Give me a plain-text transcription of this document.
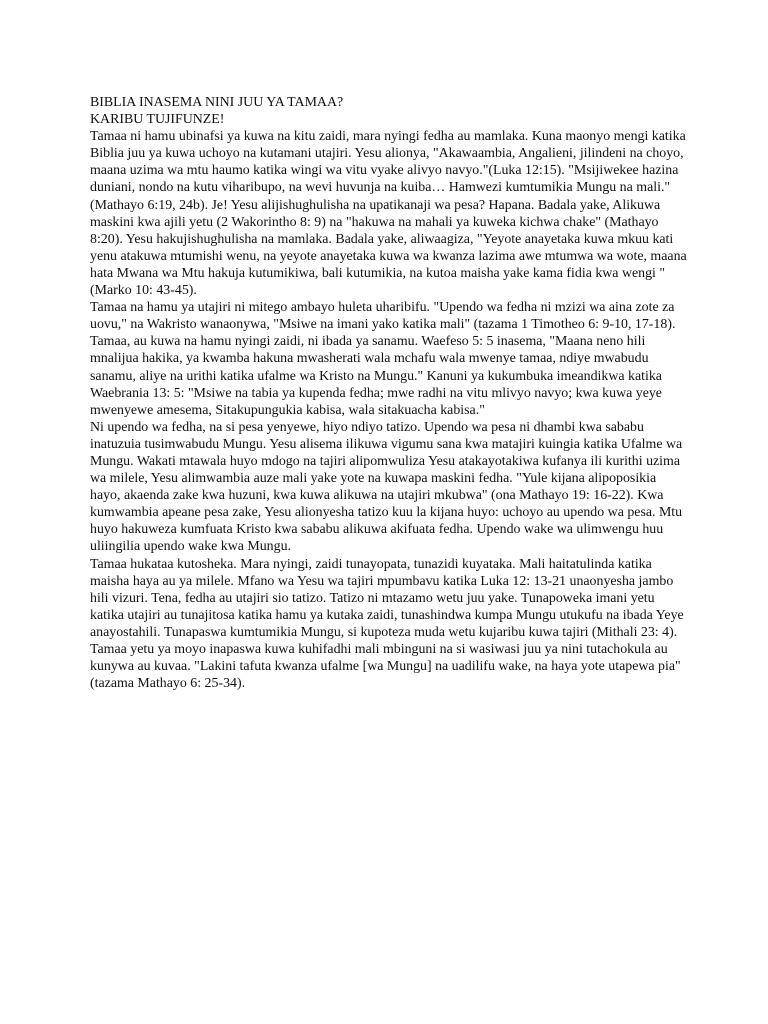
BIBLIA INASEMA NINI JUU YA TAMAA?

KARIBU TUJIFUNZE!

Tamaa ni hamu ubinafsi ya kuwa na kitu zaidi, mara nyingi fedha au mamlaka. Kuna maonyo mengi katika Biblia juu ya kuwa uchoyo na kutamani utajiri. Yesu alionya, "Akawaambia, Angalieni, jilindeni na choyo, maana uzima wa mtu haumo katika wingi wa vitu vyake alivyo navyo."(Luka 12:15). "Msijiwekee hazina duniani, nondo na kutu viharibupo, na wevi huvunja na kuiba… Hamwezi kumtumikia Mungu na mali." (Mathayo 6:19, 24b). Je! Yesu alijishughulisha na upatikanaji wa pesa? Hapana. Badala yake, Alikuwa maskini kwa ajili yetu (2 Wakorintho 8: 9) na "hakuwa na mahali ya kuweka kichwa chake" (Mathayo 8:20). Yesu hakujishughulisha na mamlaka. Badala yake, aliwaagiza, "Yeyote anayetaka kuwa mkuu kati yenu atakuwa mtumishi wenu, na yeyote anayetaka kuwa wa kwanza lazima awe mtumwa wa wote, maana hata Mwana wa Mtu hakuja kutumikiwa, bali kutumikia, na kutoa maisha yake kama fidia kwa wengi "(Marko 10: 43-45).

Tamaa na hamu ya utajiri ni mitego ambayo huleta uharibifu. "Upendo wa fedha ni mzizi wa aina zote za uovu," na Wakristo wanaonywa, "Msiwe na imani yako katika mali" (tazama 1 Timotheo 6: 9-10, 17-18). Tamaa, au kuwa na hamu nyingi zaidi, ni ibada ya sanamu. Waefeso 5: 5 inasema, "Maana neno hili mnalijua hakika, ya kwamba hakuna mwasherati wala mchafu wala mwenye tamaa, ndiye mwabudu sanamu, aliye na urithi katika ufalme wa Kristo na Mungu." Kanuni ya kukumbuka imeandikwa katika Waebrania 13: 5: "Msiwe na tabia ya kupenda fedha; mwe radhi na vitu mlivyo navyo; kwa kuwa yeye mwenyewe amesema, Sitakupungukia kabisa, wala sitakuacha kabisa."

Ni upendo wa fedha, na si pesa yenyewe, hiyo ndiyo tatizo. Upendo wa pesa ni dhambi kwa sababu inatuzuia tusimwabudu Mungu. Yesu alisema ilikuwa vigumu sana kwa matajiri kuingia katika Ufalme wa Mungu. Wakati mtawala huyo mdogo na tajiri alipomwuliza Yesu atakayotakiwa kufanya ili kurithi uzima wa milele, Yesu alimwambia auze mali yake yote na kuwapa maskini fedha. "Yule kijana alipoposikia hayo, akaenda zake kwa huzuni, kwa kuwa alikuwa na utajiri mkubwa" (ona Mathayo 19: 16-22). Kwa kumwambia apeane pesa zake, Yesu alionyesha tatizo kuu la kijana huyo: uchoyo au upendo wa pesa. Mtu huyo hakuweza kumfuata Kristo kwa sababu alikuwa akifuata fedha. Upendo wake wa ulimwengu huu uliingilia upendo wake kwa Mungu.

Tamaa hukataa kutosheka. Mara nyingi, zaidi tunayopata, tunazidi kuyataka. Mali haitatulinda katika maisha haya au ya milele. Mfano wa Yesu wa tajiri mpumbavu katika Luka 12: 13-21 unaonyesha jambo hili vizuri. Tena, fedha au utajiri sio tatizo. Tatizo ni mtazamo wetu juu yake. Tunapoweka imani yetu katika utajiri au tunajitosa katika hamu ya kutaka zaidi, tunashindwa kumpa Mungu utukufu na ibada Yeye anayostahili. Tunapaswa kumtumikia Mungu, si kupoteza muda wetu kujaribu kuwa tajiri (Mithali 23: 4). Tamaa yetu ya moyo inapaswa kuwa kuhifadhi mali mbinguni na si wasiwasi juu ya nini tutachokula au kunywa au kuvaa. "Lakini tafuta kwanza ufalme [wa Mungu] na uadilifu wake, na haya yote utapewa pia" (tazama Mathayo 6: 25-34).
